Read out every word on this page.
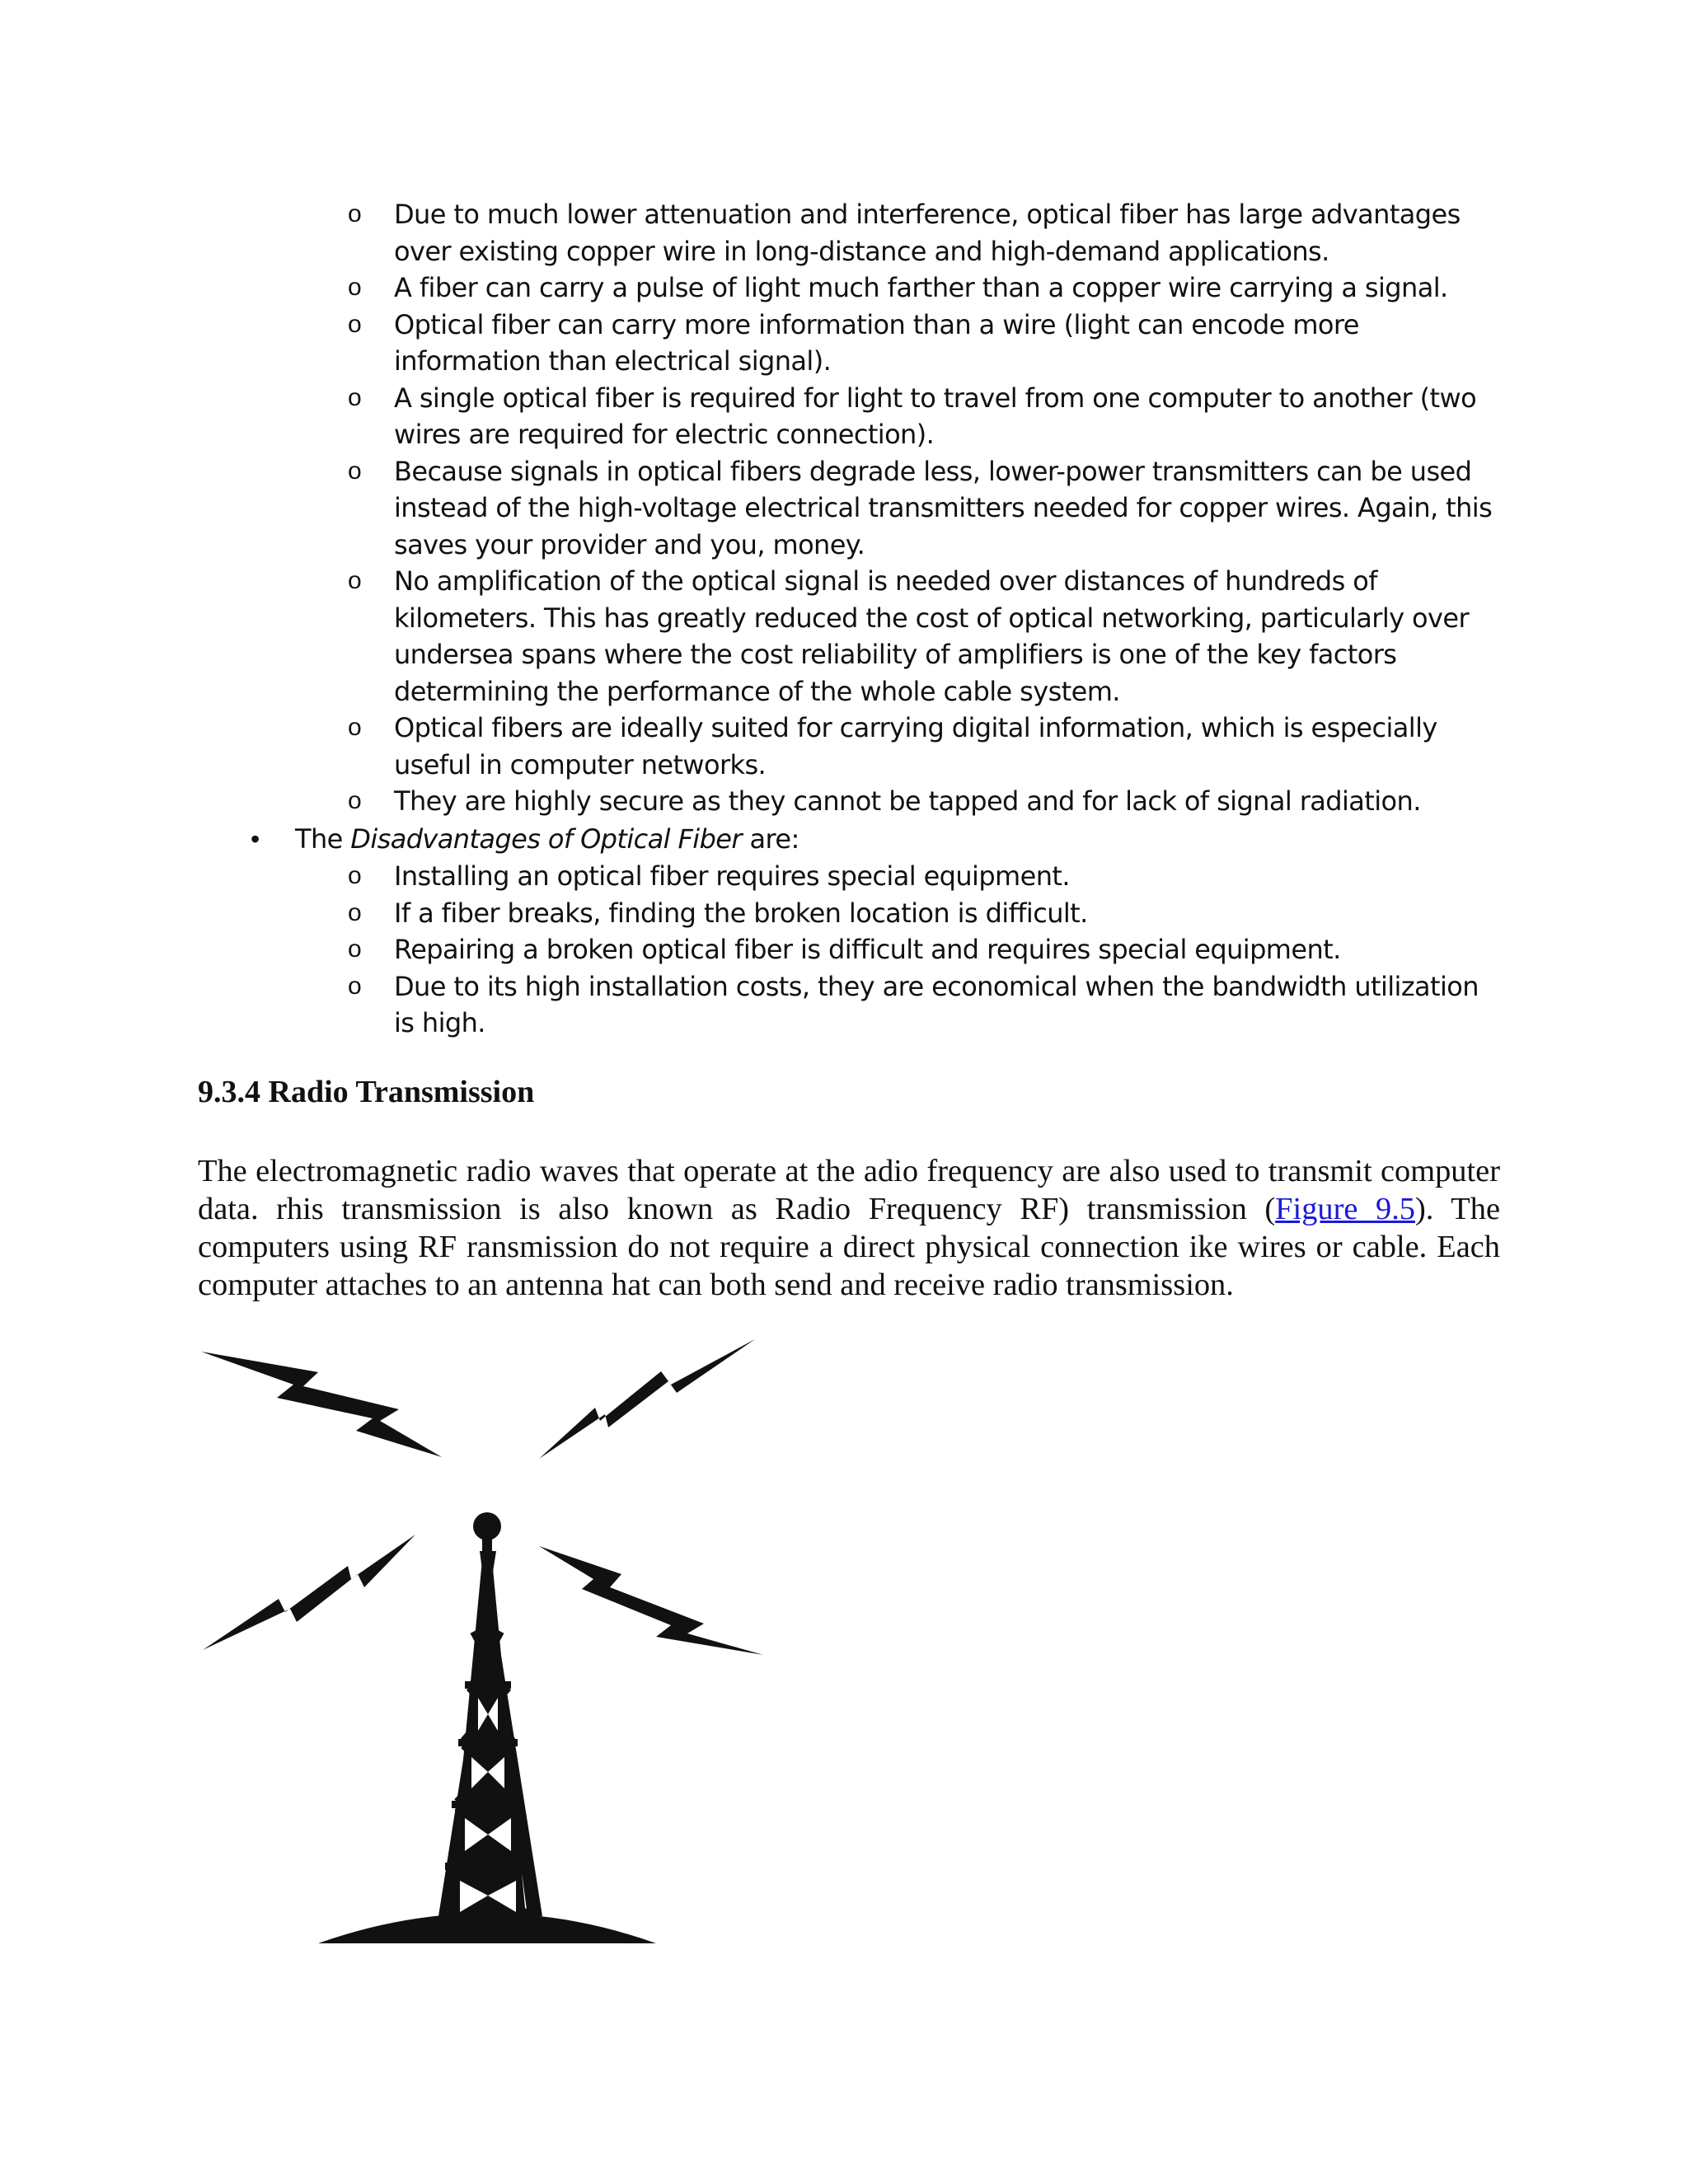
o Due to much lower attenuation and interference, optical fiber has large advantages over existing copper wire in long-distance and high-demand applications.
o A fiber can carry a pulse of light much farther than a copper wire carrying a signal.
o Optical fiber can carry more information than a wire (light can encode more information than electrical signal).
o A single optical fiber is required for light to travel from one computer to another (two wires are required for electric connection).
o Because signals in optical fibers degrade less, lower-power transmitters can be used instead of the high-voltage electrical transmitters needed for copper wires. Again, this saves your provider and you, money.
o No amplification of the optical signal is needed over distances of hundreds of kilometers. This has greatly reduced the cost of optical networking, particularly over undersea spans where the cost reliability of amplifiers is one of the key factors determining the performance of the whole cable system.
o Optical fibers are ideally suited for carrying digital information, which is especially useful in computer networks.
o They are highly secure as they cannot be tapped and for lack of signal radiation.
• The Disadvantages of Optical Fiber are:
o Installing an optical fiber requires special equipment.
o If a fiber breaks, finding the broken location is difficult.
o Repairing a broken optical fiber is difficult and requires special equipment.
o Due to its high installation costs, they are economical when the bandwidth utilization is high.
9.3.4 Radio Transmission

The electromagnetic radio waves that operate at the adio frequency are also used to transmit computer data. rhis transmission is also known as Radio Frequency RF) transmission (Figure 9.5). The computers using RF ransmission do not require a direct physical connection ike wires or cable. Each computer attaches to an antenna hat can both send and receive radio transmission.
